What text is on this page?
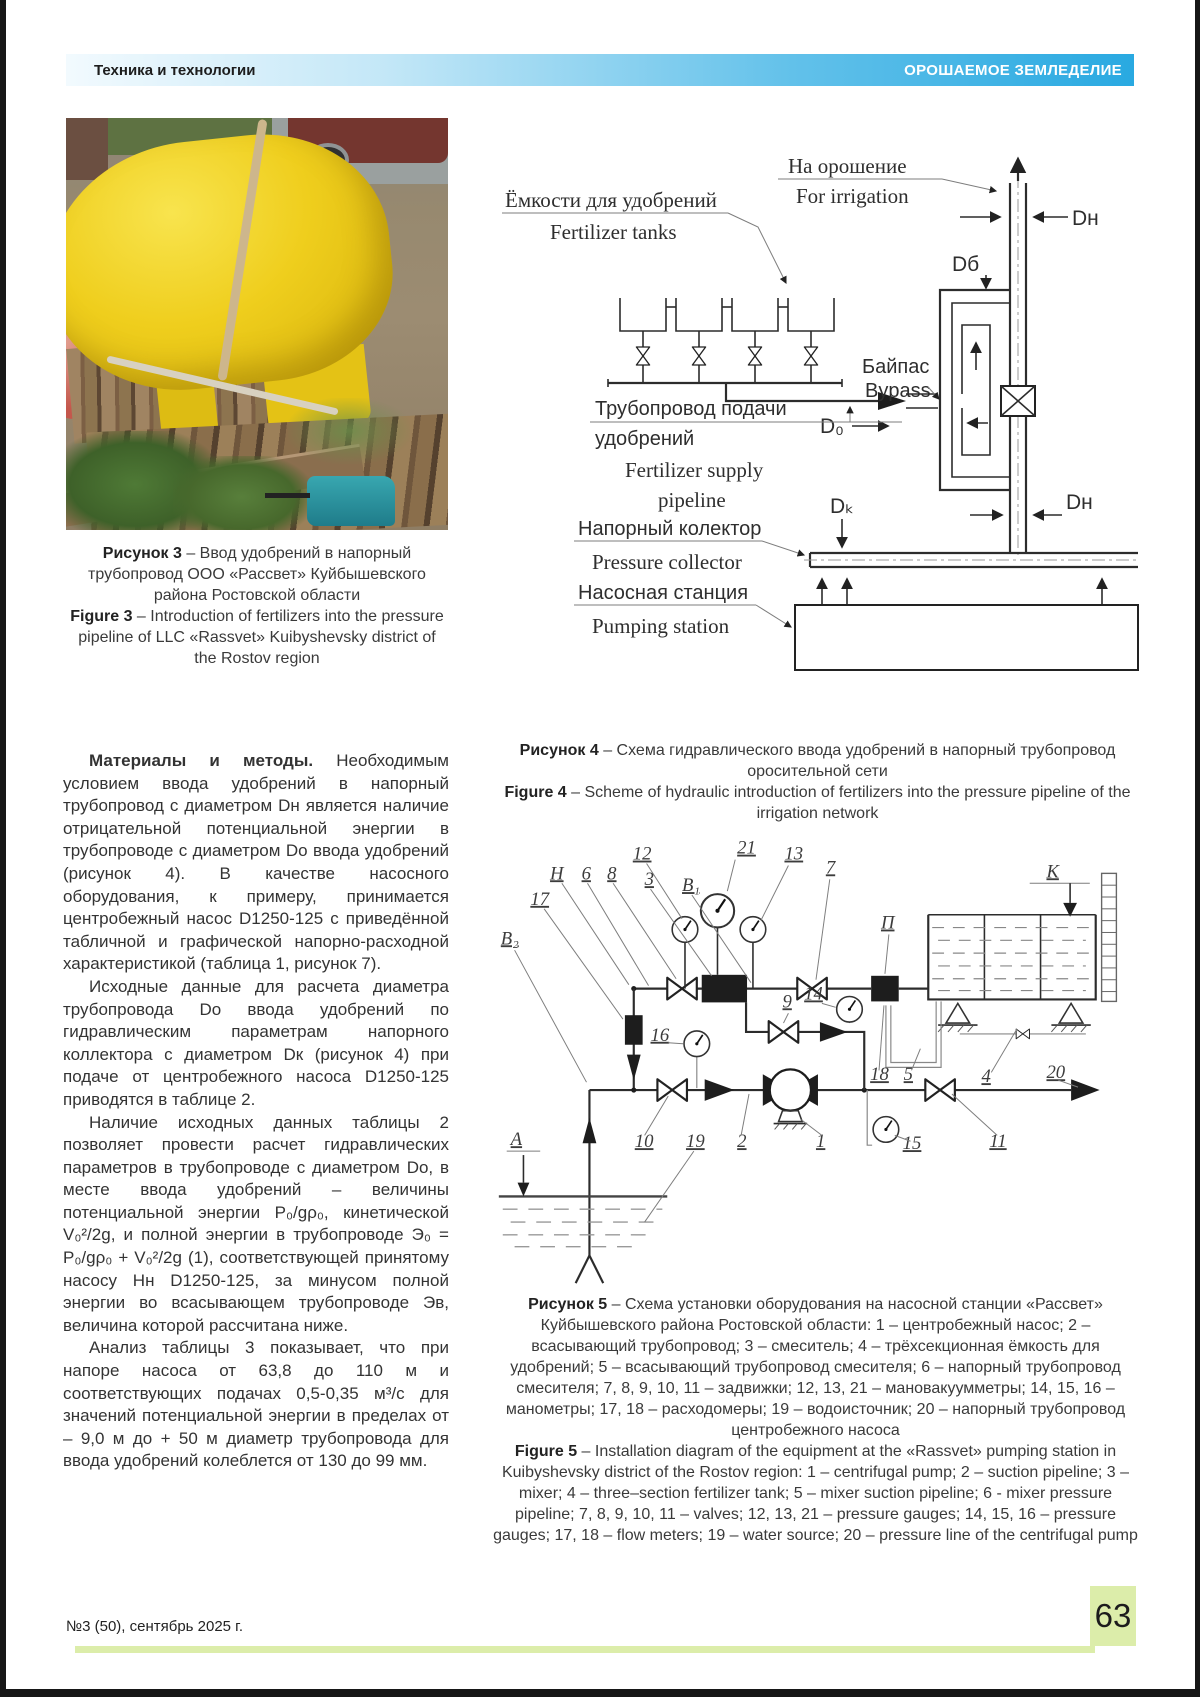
Техника и технологии	ОРОШАЕМОЕ ЗЕМЛЕДЕЛИЕ
Рисунок 3 – Ввод удобрений в напорный трубопровод ООО «Рассвет» Куйбышевского района Ростовской области
Figure 3 – Introduction of fertilizers into the pressure pipeline of LLC «Rassvet» Kuibyshevsky district of the Rostov region
Ёмкости для удобрений
Fertilizer tanks
На орошение
For irrigation
Dн
Dб
Байпас
Bypass
D₀
Трубопровод подачи
удобрений
Fertilizer supply
pipeline	Dₖ	Dн
Напорный колектор
Pressure collector
Насосная станция
Pumping station
Рисунок 4 – Схема гидравлического ввода удобрений в напорный трубопровод оросительной сети
Figure 4 – Scheme of hydraulic introduction of fertilizers into the pressure pipeline of the irrigation network
12	21 13
7
П
К
Н 6 8 3 В₁
17
В₂
16
9 14
18 5	4	20
10 19 2	1	15	11
А
Рисунок 5 – Схема установки оборудования на насосной станции «Рассвет» Куйбышевского района Ростовской области: 1 – центробежный насос; 2 – всасывающий трубопровод; 3 – смеситель; 4 – трёхсекционная ёмкость для удобрений; 5 – всасывающий трубопровод смесителя; 6 – напорный трубопровод смесителя; 7, 8, 9, 10, 11 – задвижки; 12, 13, 21 – мановакуумметры; 14, 15, 16 – манометры; 17, 18 – расходомеры; 19 – водоисточник; 20 – напорный трубопровод центробежного насоса
Figure 5 – Installation diagram of the equipment at the «Rassvet» pumping station in Kuibyshevsky district of the Rostov region: 1 – centrifugal pump; 2 – suction pipeline; 3 – mixer; 4 – three–section fertilizer tank; 5 – mixer suction pipeline; 6 - mixer pressure pipeline; 7, 8, 9, 10, 11 – valves; 12, 13, 21 – pressure gauges; 14, 15, 16 – pressure gauges; 17, 18 – flow meters; 19 – water source; 20 – pressure line of the centrifugal pump

Материалы и методы. Необходимым условием ввода удобрений в напорный трубопровод с диаметром Dн является наличие отрицательной потенциальной энергии в трубопроводе с диаметром Do ввода удобрений (рисунок 4). В качестве насосного оборудования, к примеру, принимается центробежный насос D1250-125 с приведённой табличной и графической напорно-расходной характеристикой (таблица 1, рисунок 7).

Исходные данные для расчета диаметра трубопровода Dо ввода удобрений по гидравлическим параметрам напорного коллектора с диаметром Dк (рисунок 4) при подаче от центробежного насоса D1250-125 приводятся в таблице 2.

Наличие исходных данных таблицы 2 позволяет провести расчет гидравлических параметров в трубопроводе с диаметром Dо, в месте ввода удобрений – величины потенциальной энергии P₀/gρ₀, кинетической V₀²/2g, и полной энергии в трубопроводе Э₀ = P₀/gρ₀ + V₀²/2g (1), соответствующей принятому насосу Нн D1250-125, за минусом полной энергии во всасывающем трубопроводе Эв, величина которой рассчитана ниже.

Анализ таблицы 3 показывает, что при напоре насоса от 63,8 до 110 м и соответствующих подачах 0,5-0,35 м³/с для значений потенциальной энергии в пределах от – 9,0 м до + 50 м диаметр трубопровода для ввода удобрений колеблется от 130 до 99 мм.

№3 (50), сентябрь 2025 г.	63
